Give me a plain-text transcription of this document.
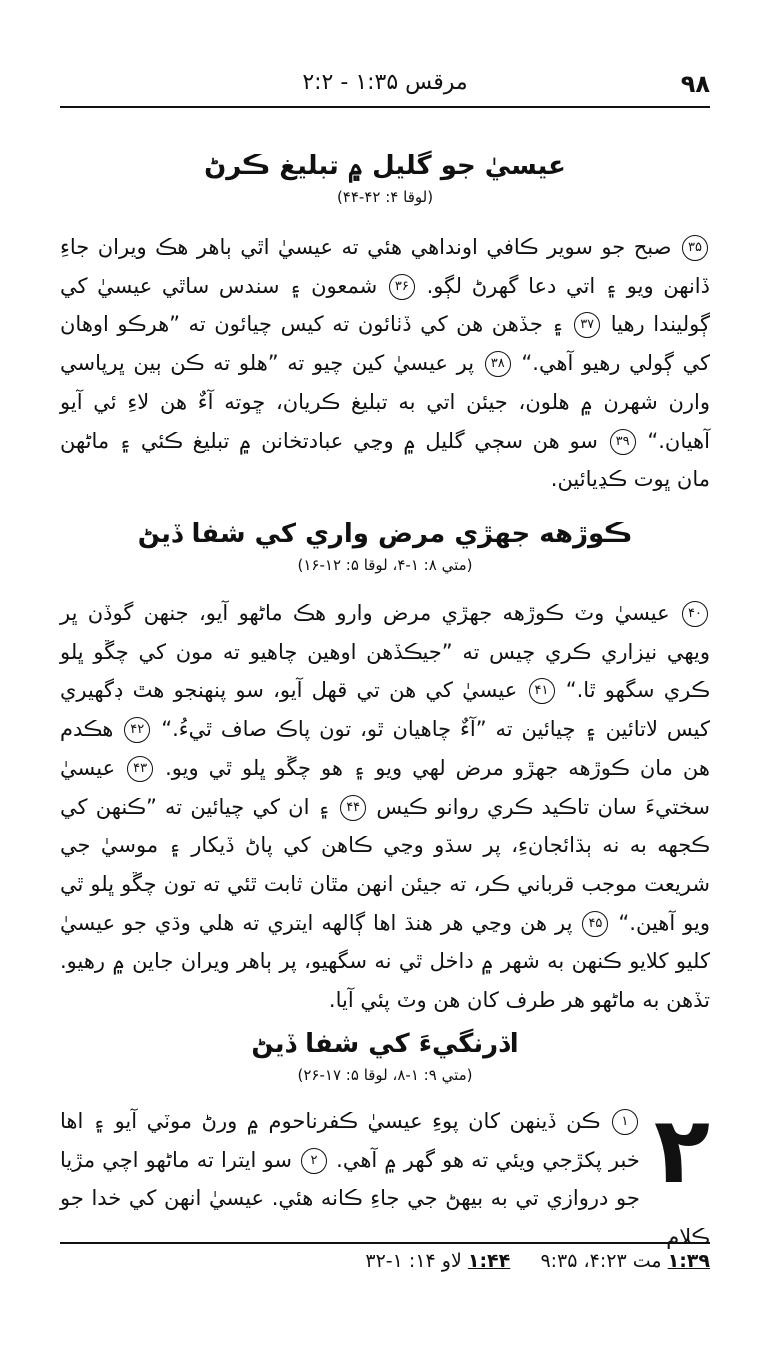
۹۸
مرقس ۱:۳۵ - ۲:۲
عيسيٰ جو گليل ۾ تبليغ ڪرڻ
(لوقا ۴: ۴۲-۴۴)
۳۵ صبح جو سوير ڪافي اونداهي هئي ته عيسيٰ اٿي ٻاهر هڪ ويران جاءِ ڏانهن ويو ۽ اتي دعا گهرڻ لڳو. ۳۶ شمعون ۽ سندس ساٿي عيسيٰ کي ڳوليندا رهيا ۳۷ ۽ جڏهن هن کي ڏٺائون ته کيس چيائون ته ”هرڪو اوهان کي ڳولي رهيو آهي.“ ۳۸ پر عيسيٰ کين چيو ته ”هلو ته ڪن ٻين ڀرپاسي وارن شهرن ۾ هلون، جيئن اتي به تبليغ ڪريان، ڇوته آءٌ هن لاءِ ئي آيو آهيان.“ ۳۹ سو هن سڄي گليل ۾ وڃي عبادتخانن ۾ تبليغ ڪئي ۽ ماڻهن مان ڀوت ڪڍيائين.
ڪوڙهه جهڙي مرض واري کي شفا ڏيڻ
(متي ۸: ۱-۴، لوقا ۵: ۱۲-۱۶)
۴۰ عيسيٰ وٽ ڪوڙهه جهڙي مرض وارو هڪ ماڻهو آيو، جنهن گوڏن ڀر ويهي نيزاري ڪري چيس ته ”جيڪڏهن اوهين چاهيو ته مون کي چڱو ڀلو ڪري سگهو ٿا.“ ۴۱ عيسيٰ کي هن تي قهل آيو، سو پنهنجو هٿ ڊگهيري کيس لاتائين ۽ چيائين ته ”آءٌ چاهيان ٿو، تون پاڪ صاف ٿيءُ.“ ۴۲ هڪدم هن مان ڪوڙهه جهڙو مرض لهي ويو ۽ هو چڱو ڀلو ٿي ويو. ۴۳ عيسيٰ سختيءَ سان تاڪيد ڪري روانو ڪيس ۴۴ ۽ ان کي چيائين ته ”ڪنهن کي ڪجهه به نه ٻڌائجانءِ، پر سڌو وڃي ڪاهن کي پاڻ ڏيکار ۽ موسيٰ جي شريعت موجب قرباني ڪر، ته جيئن انهن مٿان ثابت ٿئي ته تون چڱو ڀلو ٿي ويو آهين.“ ۴۵ پر هن وڃي هر هنڌ اها ڳالهه ايتري ته هلي وڌي جو عيسيٰ کليو کلايو ڪنهن به شهر ۾ داخل ٿي نه سگهيو، پر ٻاهر ويران جاين ۾ رهيو. تڏهن به ماڻهو هر طرف کان هن وٽ پئي آيا.
اڌرنگيءَ کي شفا ڏيڻ
(متي ۹: ۱-۸، لوقا ۵: ۱۷-۲۶)
۲
۱ ڪن ڏينهن کان پوءِ عيسيٰ ڪفرناحوم ۾ ورڻ موٽي آيو ۽ اها خبر پکڙجي ويئي ته هو گهر ۾ آهي. ۲ سو ايترا ته ماڻهو اچي مڙيا جو دروازي تي به بيهڻ جي جاءِ ڪانه هئي. عيسيٰ انهن کي خدا جو ڪلام
۱:۳۹ مت ۴:۲۳، ۹:۳۵     ۱:۴۴ لاو ۱۴: ۱-۳۲
